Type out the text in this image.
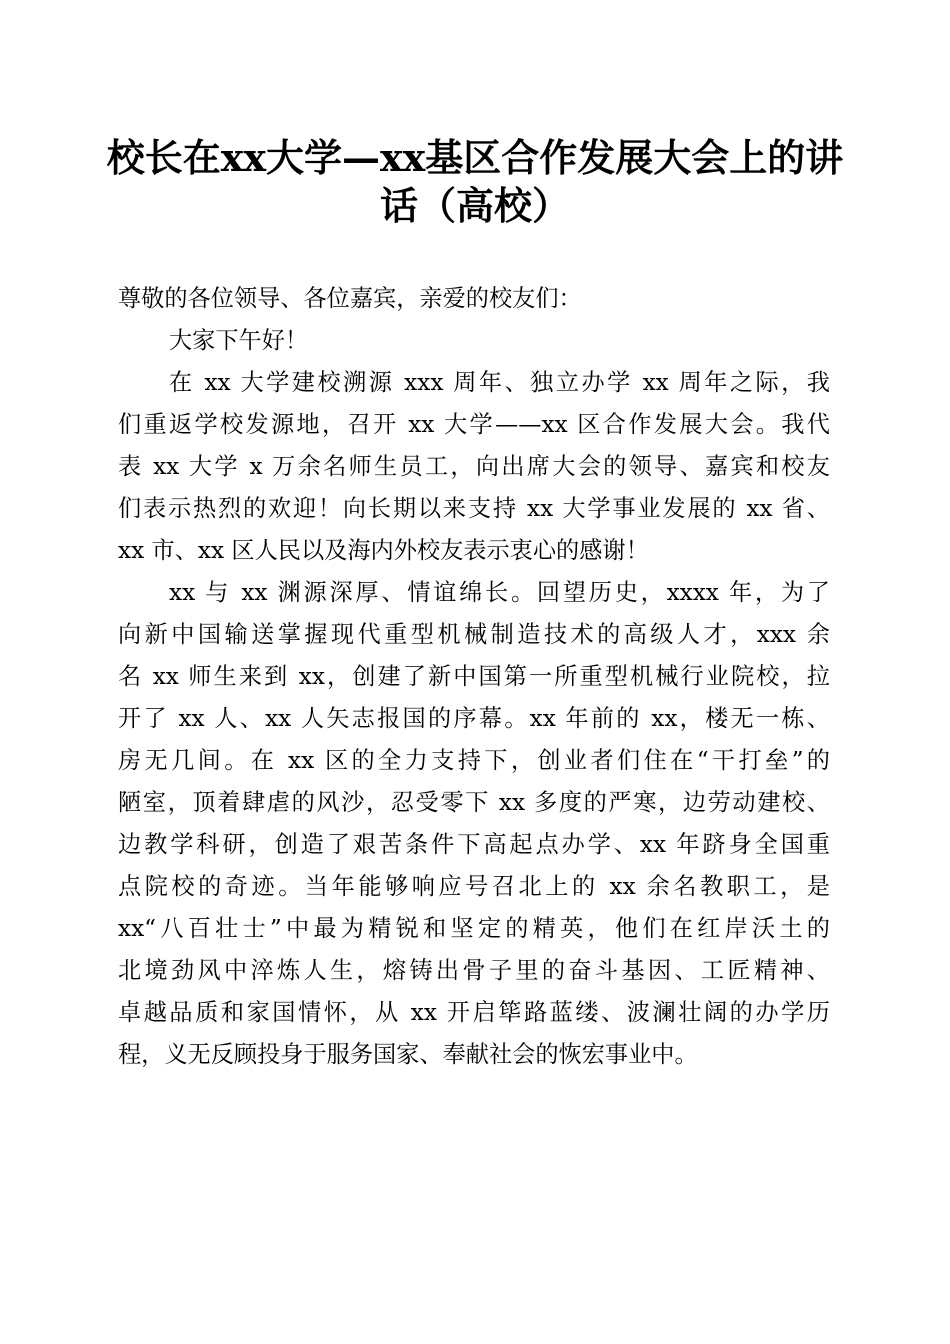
校长在xx大学—xx基区合作发展大会上的讲
话（高校）
尊敬的各位领导、各位嘉宾，亲爱的校友们：
大家下午好！
在 xx 大学建校溯源 xxx 周年、独立办学 xx 周年之际，我
们重返学校发源地，召开 xx 大学——xx 区合作发展大会。我代
表 xx 大学 x 万余名师生员工，向出席大会的领导、嘉宾和校友
们表示热烈的欢迎！向长期以来支持 xx 大学事业发展的 xx 省、
xx 市、xx 区人民以及海内外校友表示衷心的感谢！
xx 与 xx 渊源深厚、情谊绵长。回望历史，xxxx 年，为了
向新中国输送掌握现代重型机械制造技术的高级人才，xxx 余
名 xx 师生来到 xx，创建了新中国第一所重型机械行业院校，拉
开了 xx 人、xx 人矢志报国的序幕。xx 年前的 xx，楼无一栋、
房无几间。在 xx 区的全力支持下，创业者们住在“干打垒”的
陋室，顶着肆虐的风沙，忍受零下 xx 多度的严寒，边劳动建校、
边教学科研，创造了艰苦条件下高起点办学、xx 年跻身全国重
点院校的奇迹。当年能够响应号召北上的 xx 余名教职工，是
xx“八百壮士”中最为精锐和坚定的精英，他们在红岸沃土的
北境劲风中淬炼人生，熔铸出骨子里的奋斗基因、工匠精神、
卓越品质和家国情怀，从 xx 开启筚路蓝缕、波澜壮阔的办学历
程，义无反顾投身于服务国家、奉献社会的恢宏事业中。
